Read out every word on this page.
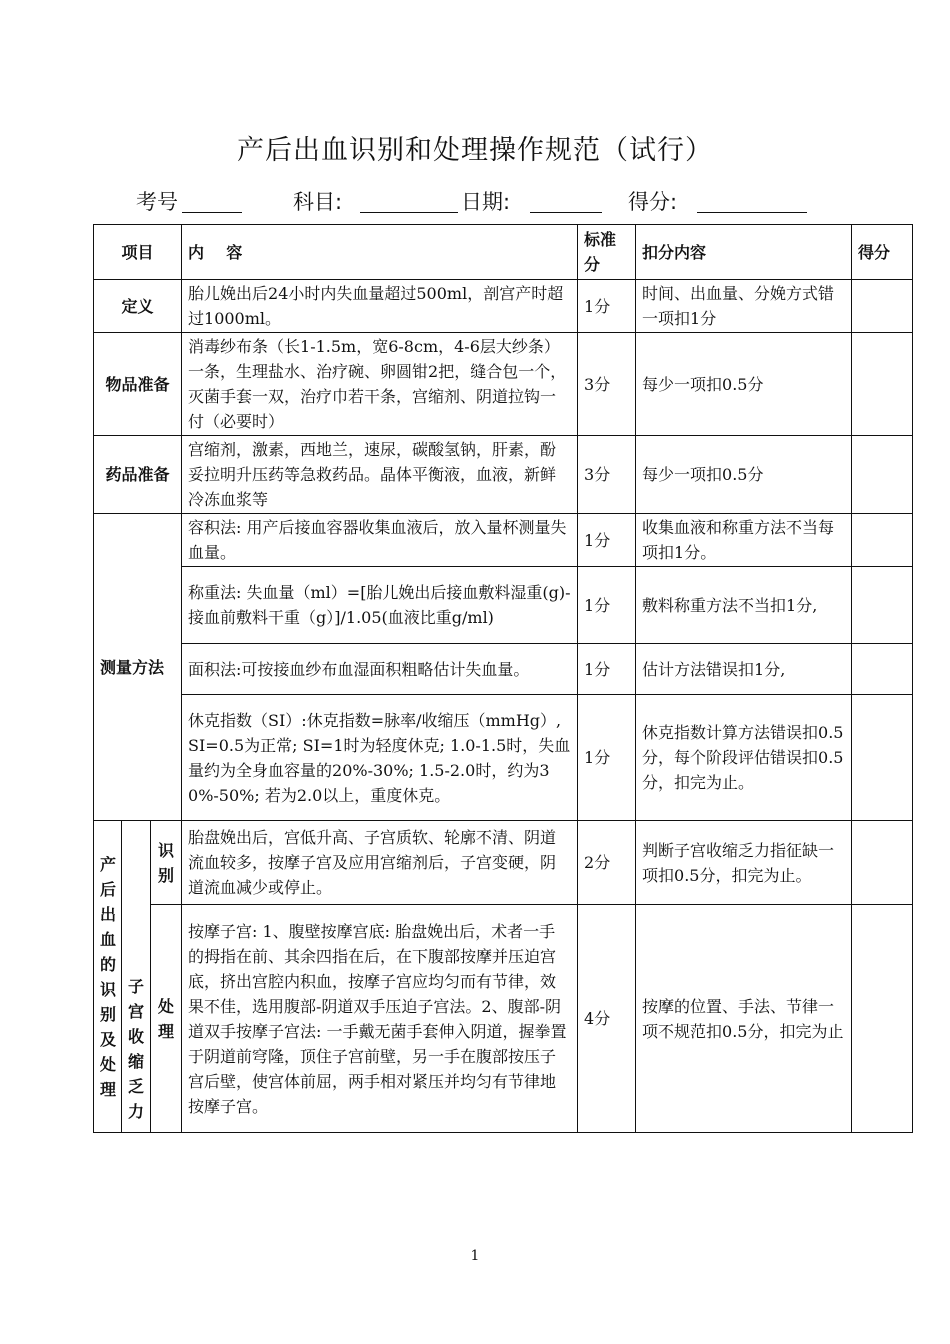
产后出血识别和处理操作规范（试行）
考号	科目:	日期:	得分:
项目			内    容	标准分	扣分内容	得分
定义			胎儿娩出后24小时内失血量超过500ml，剖宫产时超过1000ml。	1分	时间、出血量、分娩方式错一项扣1分	
物品准备			消毒纱布条（长1-1.5m，宽6-8cm，4-6层大纱条）一条，生理盐水、治疗碗、卵圆钳2把，缝合包一个，灭菌手套一双，治疗巾若干条，宫缩剂、阴道拉钩一付（必要时）	3分	每少一项扣0.5分	
药品准备			宫缩剂，激素，西地兰，速尿，碳酸氢钠，肝素，酚妥拉明升压药等急救药品。晶体平衡液，血液，新鲜冷冻血浆等	3分	每少一项扣0.5分	
测量方法			容积法: 用产后接血容器收集血液后，放入量杯测量失血量。	1分	收集血液和称重方法不当每项扣1分。	
			称重法: 失血量（ml）=[胎儿娩出后接血敷料湿重(g)-接血前敷料干重（g）]/1.05(血液比重g/ml)	1分	敷料称重方法不当扣1分,	
			面积法:可按接血纱布血湿面积粗略估计失血量。	1分	估计方法错误扣1分,	
			休克指数（SI）:休克指数=脉率/收缩压（mmHg）,SI=0.5为正常; SI=1时为轻度休克; 1.0-1.5时，失血量约为全身血容量的20%-30%; 1.5-2.0时，约为30%-50%; 若为2.0以上，重度休克。	1分	休克指数计算方法错误扣0.5分，每个阶段评估错误扣0.5分，扣完为止。	

产后出血的识别及处理	子宫收缩乏力	识别	胎盘娩出后，宫低升高、子宫质软、轮廓不清、阴道流血较多，按摩子宫及应用宫缩剂后，子宫变硬，阴道流血减少或停止。	2分	判断子宫收缩乏力指征缺一项扣0.5分，扣完为止。	

		处理	按摩子宫: 1、腹壁按摩宫底: 胎盘娩出后，术者一手的拇指在前、其余四指在后，在下腹部按摩并压迫宫底，挤出宫腔内积血，按摩子宫应均匀而有节律，效果不佳，选用腹部-阴道双手压迫子宫法。2、腹部-阴道双手按摩子宫法: 一手戴无菌手套伸入阴道，握拳置于阴道前穹隆，顶住子宫前壁，另一手在腹部按压子宫后壁，使宫体前屈，两手相对紧压并均匀有节律地按摩子宫。	4分	按摩的位置、手法、节律一项不规范扣0.5分，扣完为止	
1
